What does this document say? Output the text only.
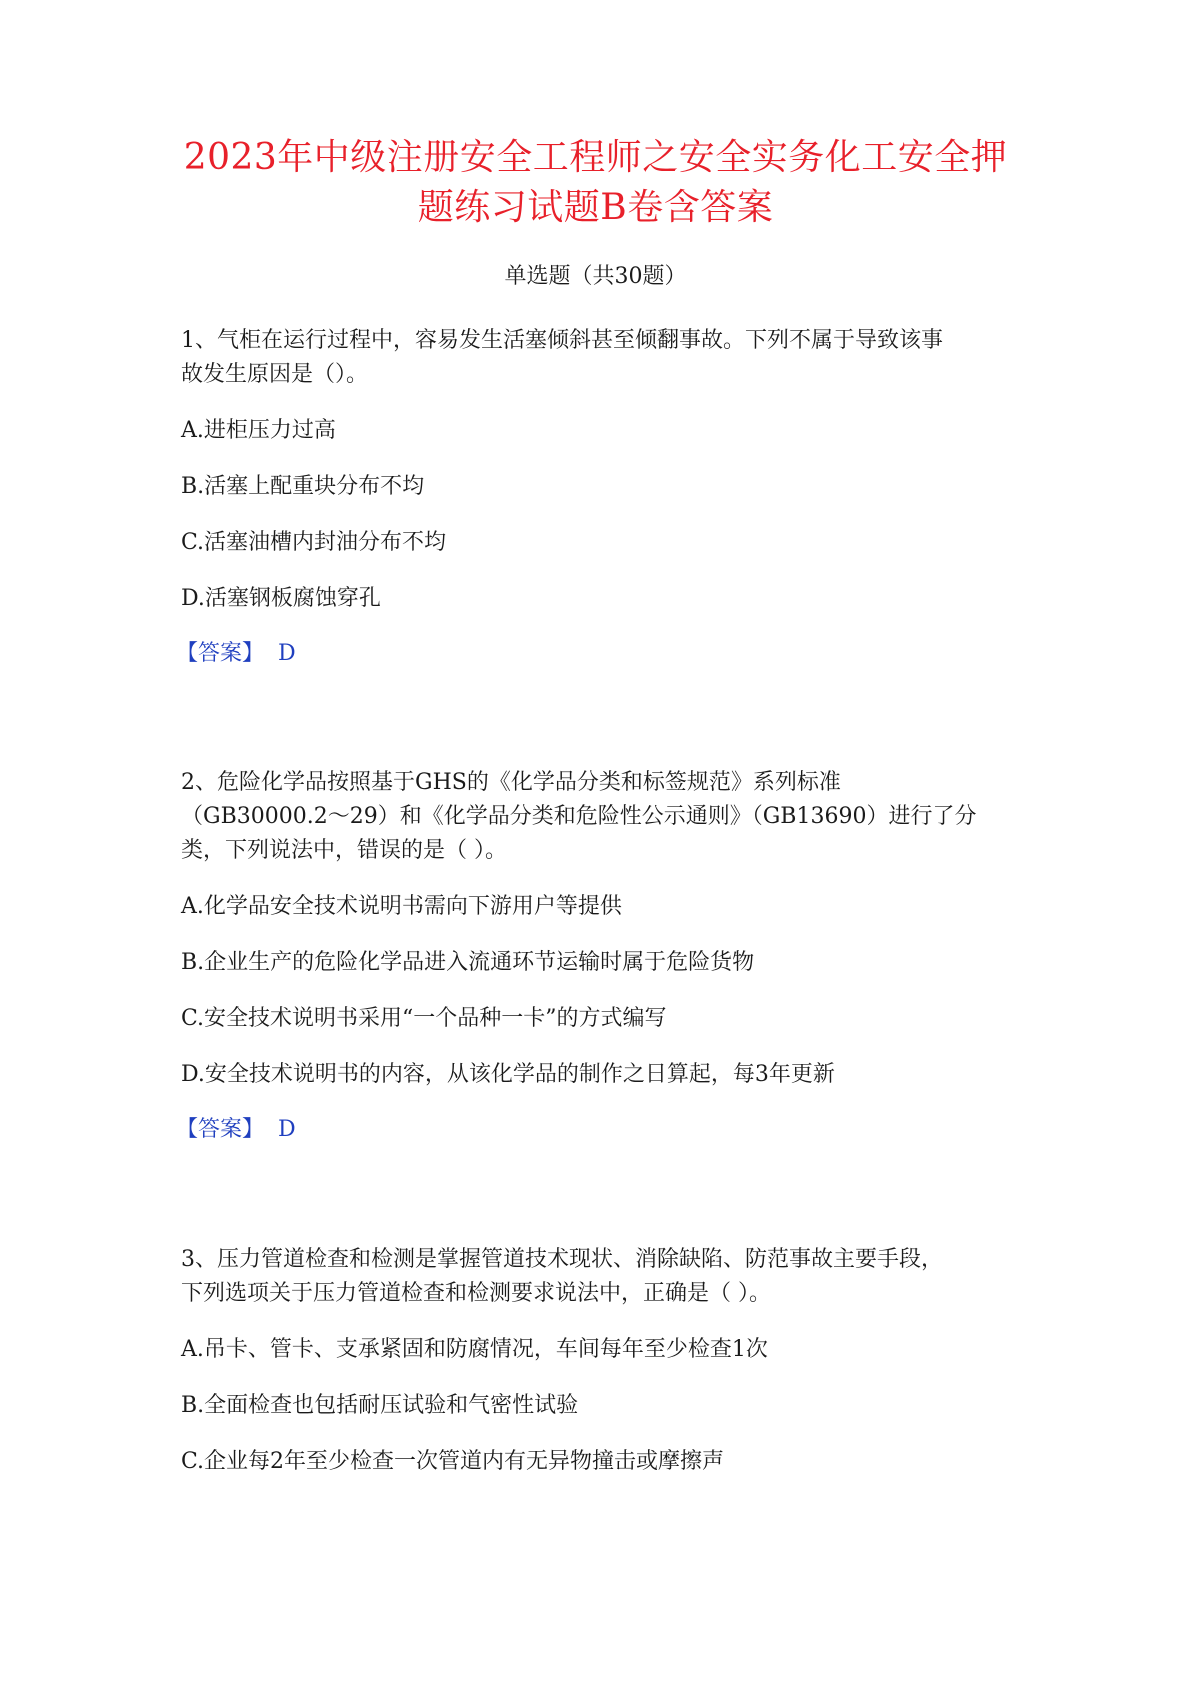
2023年中级注册安全工程师之安全实务化工安全押
题练习试题B卷含答案
单选题（共30题）
1、气柜在运行过程中，容易发生活塞倾斜甚至倾翻事故。下列不属于导致该事
故发生原因是（）。
A.进柜压力过高
B.活塞上配重块分布不均
C.活塞油槽内封油分布不均
D.活塞钢板腐蚀穿孔
【答案】 D
2、危险化学品按照基于GHS的《化学品分类和标签规范》系列标准
（GB30000.2～29）和《化学品分类和危险性公示通则》（GB13690）进行了分
类，下列说法中，错误的是（ ）。
A.化学品安全技术说明书需向下游用户等提供
B.企业生产的危险化学品进入流通环节运输时属于危险货物
C.安全技术说明书采用“一个品种一卡”的方式编写
D.安全技术说明书的内容，从该化学品的制作之日算起，每3年更新
【答案】 D
3、压力管道检查和检测是掌握管道技术现状、消除缺陷、防范事故主要手段，
下列选项关于压力管道检查和检测要求说法中，正确是（ ）。
A.吊卡、管卡、支承紧固和防腐情况，车间每年至少检查1次
B.全面检查也包括耐压试验和气密性试验
C.企业每2年至少检查一次管道内有无异物撞击或摩擦声
